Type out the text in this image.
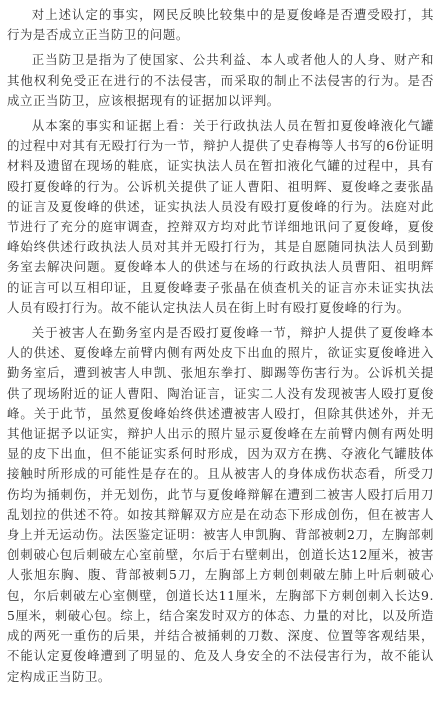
对上述认定的事实，网民反映比较集中的是夏俊峰是否遭受殴打，其行为是否成立正当防卫的问题。

正当防卫是指为了使国家、公共利益、本人或者他人的人身、财产和其他权利免受正在进行的不法侵害，而采取的制止不法侵害的行为。是否成立正当防卫，应该根据现有的证据加以评判。

从本案的事实和证据上看：关于行政执法人员在暂扣夏俊峰液化气罐的过程中对其有无殴打行为一节，辩护人提供了史春梅等人书写的6份证明材料及遗留在现场的鞋底，证实执法人员在暂扣液化气罐的过程中，具有殴打夏俊峰的行为。公诉机关提供了证人曹阳、祖明辉、夏俊峰之妻张晶的证言及夏俊峰的供述，证实执法人员没有殴打夏俊峰的行为。法庭对此节进行了充分的庭审调查，控辩双方均对此节详细地讯问了夏俊峰，夏俊峰始终供述行政执法人员对其并无殴打行为，其是自愿随同执法人员到勤务室去解决问题。夏俊峰本人的供述与在场的行政执法人员曹阳、祖明辉的证言可以互相印证，且夏俊峰妻子张晶在侦查机关的证言亦未证实执法人员有殴打行为。故不能认定执法人员在街上时有殴打夏俊峰的行为。

关于被害人在勤务室内是否殴打夏俊峰一节，辩护人提供了夏俊峰本人的供述、夏俊峰左前臂内侧有两处皮下出血的照片，欲证实夏俊峰进入勤务室后，遭到被害人申凯、张旭东拳打、脚踢等伤害行为。公诉机关提供了现场附近的证人曹阳、陶治证言，证实二人没有发现被害人殴打夏俊峰。关于此节，虽然夏俊峰始终供述遭被害人殴打，但除其供述外，并无其他证据予以证实，辩护人出示的照片显示夏俊峰在左前臂内侧有两处明显的皮下出血，但不能证实系何时形成，因为双方在携、夺液化气罐肢体接触时所形成的可能性是存在的。且从被害人的身体成伤状态看，所受刀伤均为捅刺伤，并无划伤，此节与夏俊峰辩解在遭到二被害人殴打后用刀乱划拉的供述不符。如按其辩解双方应是在动态下形成创伤，但在被害人身上并无运动伤。法医鉴定证明：被害人申凯胸、背部被刺2刀，左胸部刺创刺破心包后刺破左心室前壁，尔后于右壁刺出，创道长达12厘米，被害人张旭东胸、腹、背部被刺5刀，左胸部上方刺创刺破左肺上叶后刺破心包，尔后刺破左心室侧壁，创道长达11厘米，左胸部下方刺创刺入长达9.5厘米，刺破心包。综上，结合案发时双方的体态、力量的对比，以及所造成的两死一重伤的后果，并结合被捅刺的刀数、深度、位置等客观结果，不能认定夏俊峰遭到了明显的、危及人身安全的不法侵害行为，故不能认定构成正当防卫。
